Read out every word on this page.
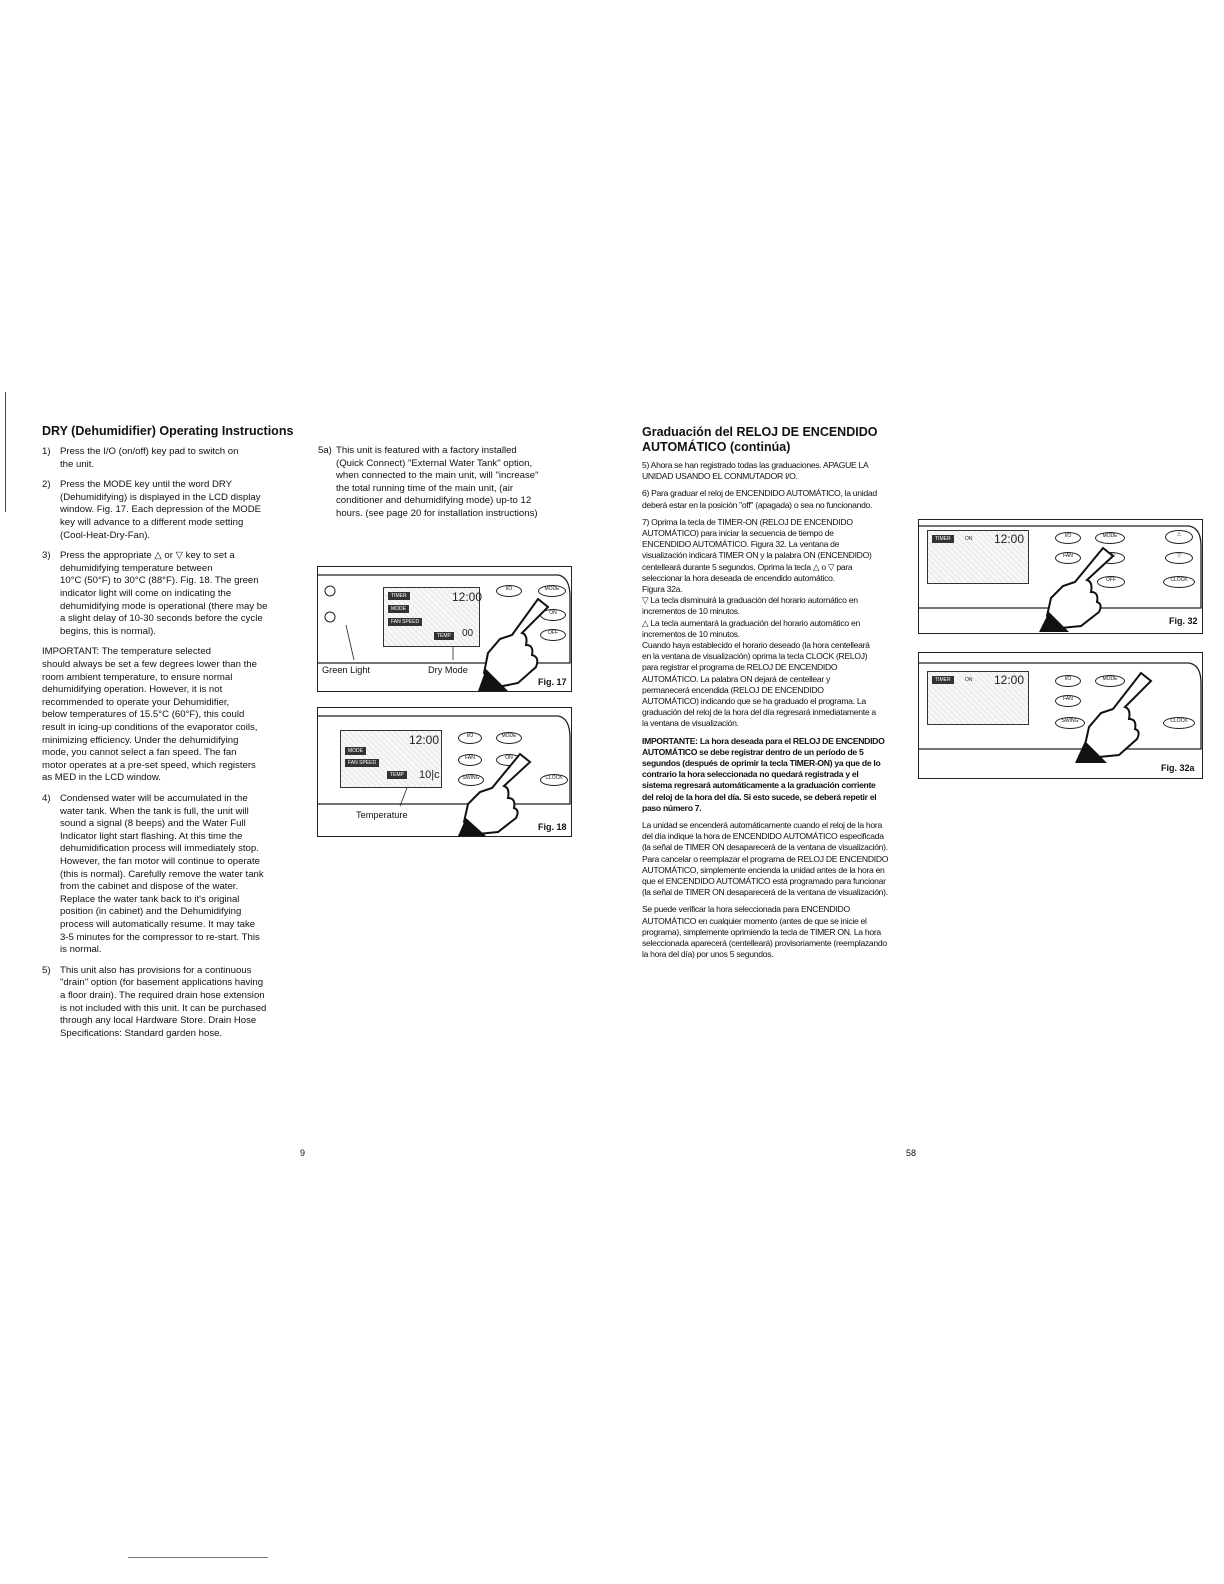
DRY (Dehumidifier) Operating Instructions
1) Press the I/O (on/off) key pad to switch on
the unit.
2) Press the MODE key until the word DRY
(Dehumidifying) is displayed in the LCD display
window. Fig. 17. Each depression of the MODE
key will advance to a different mode setting
(Cool-Heat-Dry-Fan).
3) Press the appropriate △ or ▽ key to set a
dehumidifying temperature between
10°C (50°F) to 30°C (88°F). Fig. 18. The green
indicator light will come on indicating the
dehumidifying mode is operational (there may be
a slight delay of 10-30 seconds before the cycle
begins, this is normal).
IMPORTANT: The temperature selected
should always be set a few degrees lower than the
room ambient temperature, to ensure normal
dehumidifying operation. However, it is not
recommended to operate your Dehumidifier,
below temperatures of 15.5°C (60°F), this could
result in icing-up conditions of the evaporator coils,
minimizing efficiency. Under the dehumidifying
mode, you cannot select a fan speed. The fan
motor operates at a pre-set speed, which registers
as MED in the LCD window.
4) Condensed water will be accumulated in the
water tank. When the tank is full, the unit will
sound a signal (8 beeps) and the Water Full
Indicator light start flashing. At this time the
dehumidification process will immediately stop.
However, the fan motor will continue to operate
(this is normal). Carefully remove the water tank
from the cabinet and dispose of the water.
Replace the water tank back to it's original
position (in cabinet) and the Dehumidifying
process will automatically resume. It may take
3-5 minutes for the compressor to re-start. This
is normal.
5) This unit also has provisions for a continuous
"drain" option (for basement applications having
a floor drain). The required drain hose extension
is not included with this unit. It can be purchased
through any local Hardware Store. Drain Hose
Specifications: Standard garden hose.
5a) This unit is featured with a factory installed
(Quick Connect) "External Water Tank" option,
when connected to the main unit, will "increase"
the total running time of the main unit, (air
conditioner and dehumidifying mode) up-to 12
hours. (see page 20 for installation instructions)
TIMER
MODE
FAN SPEED
TEMP
12:00
00
I/O	MODE
ON
OFF
Green Light	Dry Mode
Fig. 17
MODE
FAN SPEED
TEMP
12:00
10|c
I/O	MODE
FAN	ON
SWING	CLOCK
Temperature
Fig. 18
9
Graduación del RELOJ DE ENCENDIDO
AUTOMÁTICO (continúa)
5) Ahora se han registrado todas las graduaciones. APAGUE LA
UNIDAD USANDO EL CONMUTADOR I/O.
6) Para graduar el reloj de ENCENDIDO AUTOMÁTICO, la unidad
deberá estar en la posición "off" (apagada) o sea no funcionando.
7) Oprima la tecla de TIMER-ON (RELOJ DE ENCENDIDO
AUTOMÁTICO) para iniciar la secuencia de tiempo de
ENCENDIDO AUTOMÁTICO. Figura 32. La ventana de
visualización indicará TIMER ON y la palabra ON (ENCENDIDO)
centelleará durante 5 segundos. Oprima la tecla △ o ▽ para
seleccionar la hora deseada de encendido automático.
Figura 32a.
▽ La tecla disminuirá la graduación del horario automático en
incrementos de 10 minutos.
△ La tecla aumentará la graduación del horario automático en
incrementos de 10 minutos.
Cuando haya establecido el horario deseado (la hora centelleará
en la ventana de visualización) oprima la tecla CLOCK (RELOJ)
para registrar el programa de RELOJ DE ENCENDIDO
AUTOMÁTICO. La palabra ON dejará de centellear y
permanecerá encendida (RELOJ DE ENCENDIDO
AUTOMÁTICO) indicando que se ha graduado el programa. La
graduación del reloj de la hora del día regresará inmediatamente a
la ventana de visualización.
IMPORTANTE: La hora deseada para el RELOJ DE ENCENDIDO
AUTOMÁTICO se debe registrar dentro de un período de 5
segundos (después de oprimir la tecla TIMER-ON) ya que de lo
contrario la hora seleccionada no quedará registrada y el
sistema regresará automáticamente a la graduación corriente
del reloj de la hora del día. Si esto sucede, se deberá repetir el
paso número 7.
La unidad se encenderá automáticamente cuando el reloj de la hora
del día indique la hora de ENCENDIDO AUTOMÁTICO especificada
(la señal de TIMER ON desaparecerá de la ventana de visualización).
Para cancelar o reemplazar el programa de RELOJ DE ENCENDIDO
AUTOMÁTICO, simplemente encienda la unidad antes de la hora en
que el ENCENDIDO AUTOMÁTICO está programado para funcionar
(la señal de TIMER ON desaparecerá de la ventana de visualización).
Se puede verificar la hora seleccionada para ENCENDIDO
AUTOMÁTICO en cualquier momento (antes de que se inicie el
programa), simplemente oprimiendo la tecla de TIMER ON. La hora
seleccionada aparecerá (centelleará) provisoriamente (reemplazando
la hora del día) por unos 5 segundos.
TIMER	ON 12:00	I/O	MODE	△
FAN	▽
OFF	CLOCK
Fig. 32
TIMER	ON 12:00	I/O	MODE
FAN
SWING	CLOCK
Fig. 32a
58
